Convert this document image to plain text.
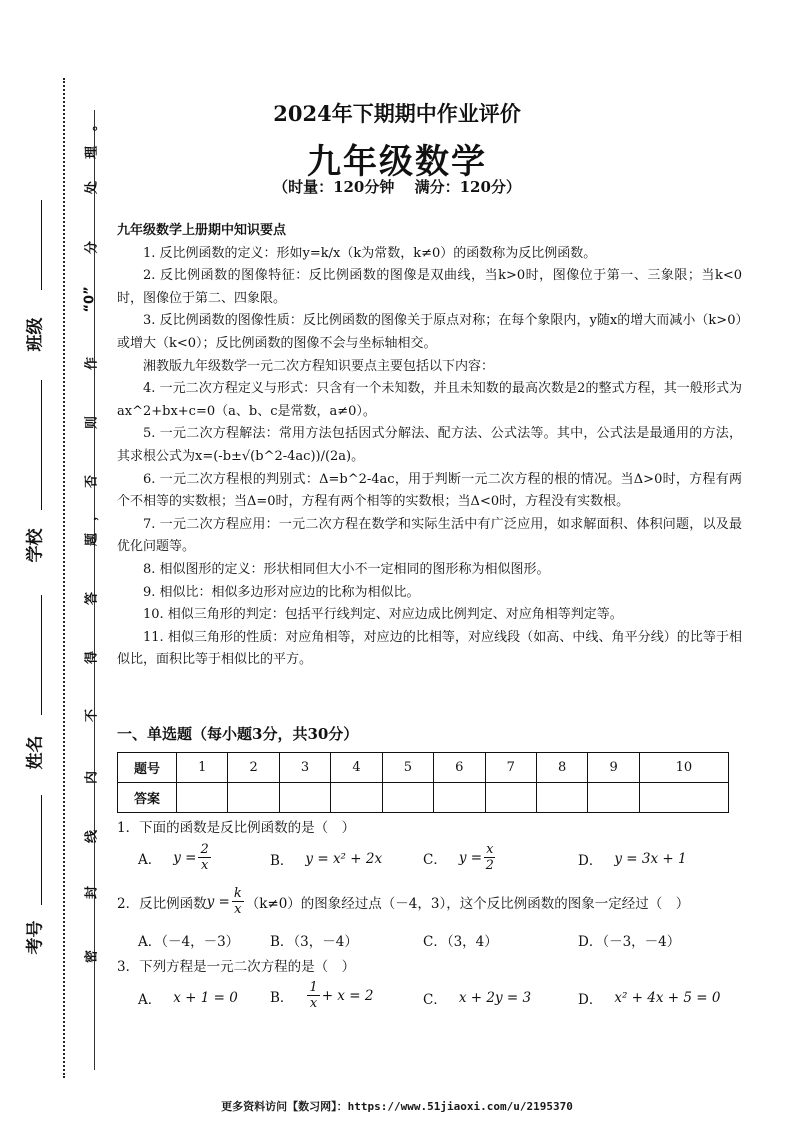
班级
学校
姓名
考号
密
封
线
内
不
得
答
题
，
否
则
作
“0”
分
处
理
。	2024年下期期中作业评价
九年级数学
（时量：120分钟　 满分：120分）
九年级数学上册期中知识要点

1. 反比例函数的定义：形如y=k/x（k为常数，k≠0）的函数称为反比例函数。

2. 反比例函数的图像特征：反比例函数的图像是双曲线，当k>0时，图像位于第一、三象限；当k<0时，图像位于第二、四象限。

3. 反比例函数的图像性质：反比例函数的图像关于原点对称；在每个象限内，y随x的增大而减小（k>0）或增大（k<0）；反比例函数的图像不会与坐标轴相交。

湘教版九年级数学一元二次方程知识要点主要包括以下内容：

4. 一元二次方程定义与形式：只含有一个未知数，并且未知数的最高次数是2的整式方程，其一般形式为ax^2+bx+c=0（a、b、c是常数，a≠0）。

5. 一元二次方程解法：常用方法包括因式分解法、配方法、公式法等。其中，公式法是最通用的方法，其求根公式为x=(-b±√(b^2-4ac))/(2a)。

6. 一元二次方程根的判别式：Δ=b^2-4ac，用于判断一元二次方程的根的情况。当Δ>0时，方程有两个不相等的实数根；当Δ=0时，方程有两个相等的实数根；当Δ<0时，方程没有实数根。

7. 一元二次方程应用：一元二次方程在数学和实际生活中有广泛应用，如求解面积、体积问题，以及最优化问题等。

8. 相似图形的定义：形状相同但大小不一定相同的图形称为相似图形。

9. 相似比：相似多边形对应边的比称为相似比。

10. 相似三角形的判定：包括平行线判定、对应边成比例判定、对应角相等判定等。

11. 相似三角形的性质：对应角相等，对应边的比相等，对应线段（如高、中线、角平分线）的比等于相似比，面积比等于相似比的平方。

一、单选题（每小题3分，共30分）
题号	1	2	3	4	5	6	7	8	9	10
答案										
1．下面的函数是反比例函数的是（　）
A． $y = \frac{2}{x}$	B． y = x² + 2x	C． $y = \frac{x}{2}$	D． y = 3x + 1
2．反比例函数 $y = \frac{k}{x} (k\ne 0)$的图象经过点（－4，3），这个反比例函数的图象一定经过（　）
A．（－4，－3） B．（3，－4）	C．（3，4）	D．（－3，－4）
3．下列方程是一元二次方程的是（　）
A． x + 1 = 0 B． $\frac{1}{x} + x = 2$	C． x + 2y = 3	D． x² + 4x + 5 = 0
更多资料访问【数习网】：https://www.51jiaoxi.com/u/2195370
